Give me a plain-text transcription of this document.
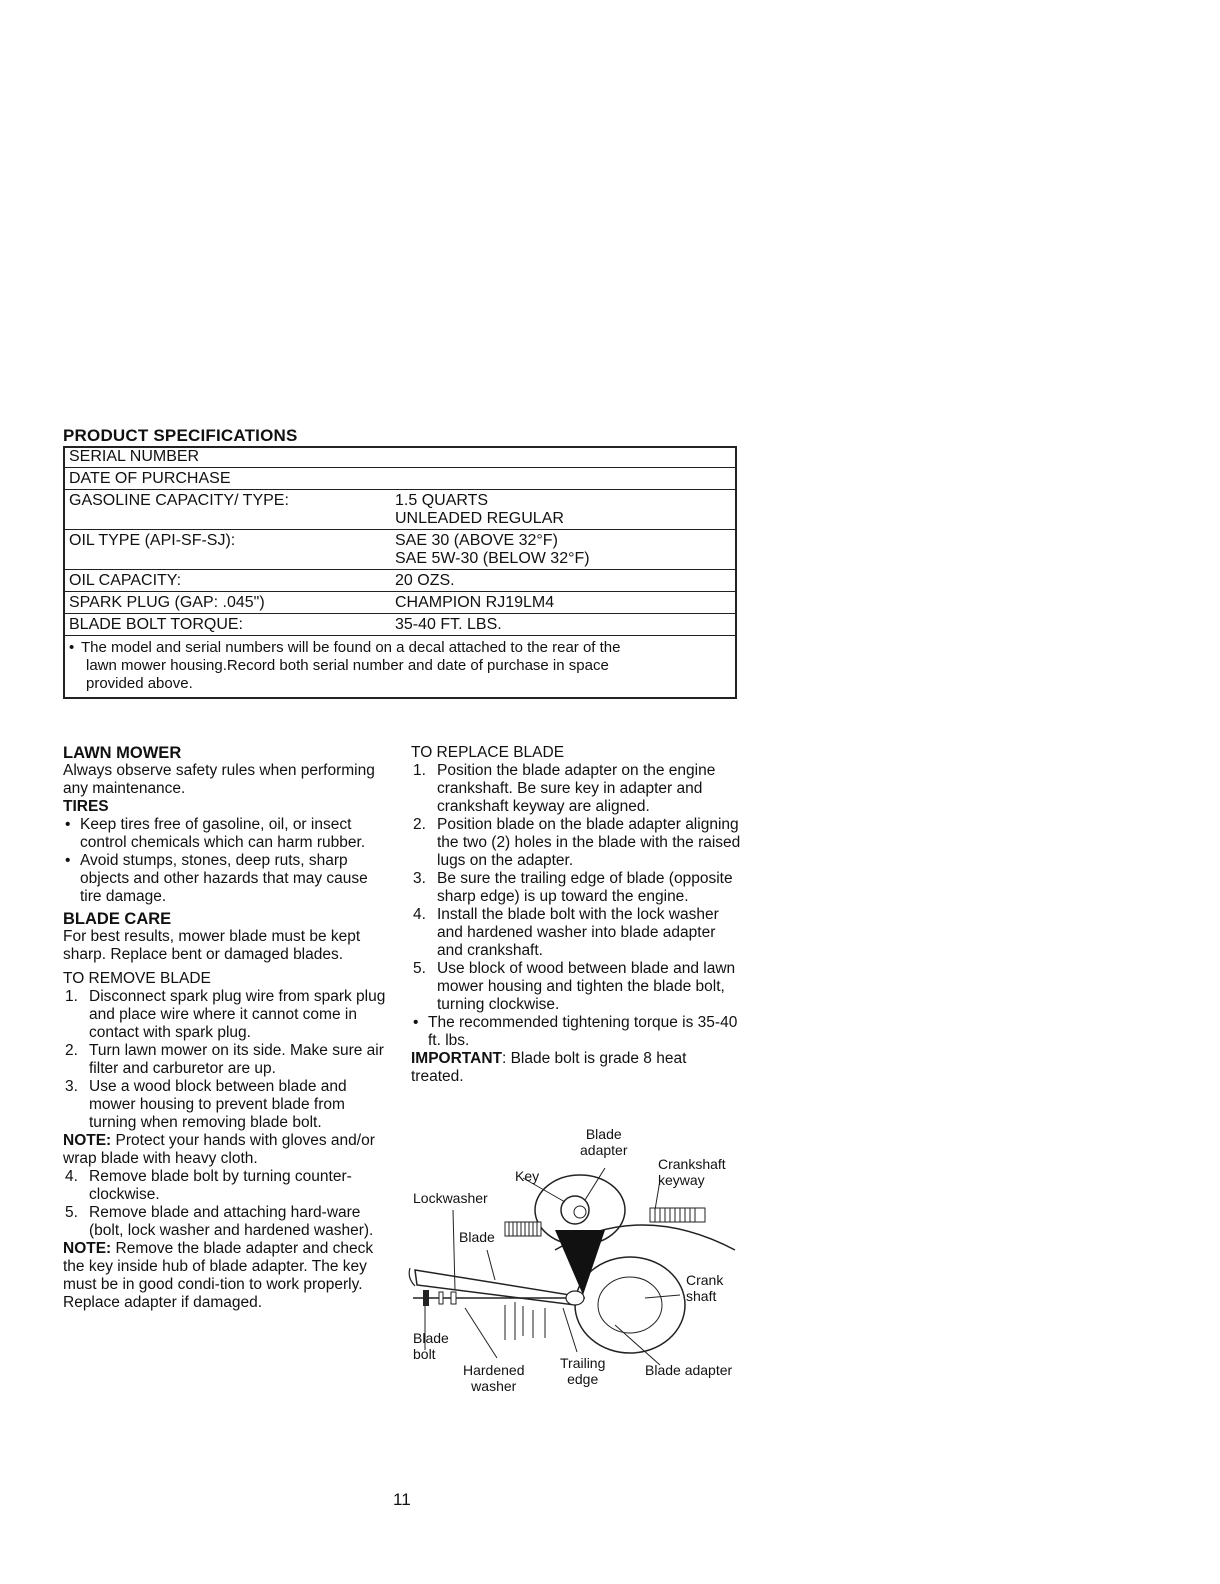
PRODUCT SPECIFICATIONS
SERIAL NUMBER	
DATE OF PURCHASE	
GASOLINE CAPACITY/ TYPE:	1.5 QUARTS
UNLEADED REGULAR

OIL TYPE (API-SF-SJ):	SAE 30 (ABOVE 32°F)
SAE 5W-30 (BELOW 32°F)

OIL CAPACITY:	20 OZS.
SPARK PLUG (GAP: .045")	CHAMPION RJ19LM4
BLADE BOLT TORQUE:	35-40 FT. LBS.
• The model and serial numbers will be found on a decal attached to the rear of the
lawn mower housing.Record both serial number and date of purchase in space
provided above.
LAWN MOWER
Always observe safety rules when performing any maintenance.
TIRES
• Keep tires free of gasoline, oil, or insect control chemicals which can harm rubber.
• Avoid stumps, stones, deep ruts, sharp objects and other hazards that may cause tire damage.
BLADE CARE
For best results, mower blade must be kept sharp. Replace bent or damaged blades.
TO REMOVE BLADE
1. Disconnect spark plug wire from spark plug and place wire where it cannot come in contact with spark plug.
2. Turn lawn mower on its side. Make sure air filter and carburetor are up.
3. Use a wood block between blade and mower housing to prevent blade from turning when removing blade bolt.
NOTE: Protect your hands with gloves and/or wrap blade with heavy cloth.
4. Remove blade bolt by turning counter-clockwise.
5. Remove blade and attaching hard-ware (bolt, lock washer and hardened washer).
NOTE: Remove the blade adapter and check the key inside hub of blade adapter. The key must be in good condi-tion to work properly. Replace adapter if damaged.
TO REPLACE BLADE
1. Position the blade adapter on the engine crankshaft. Be sure key in adapter and crankshaft keyway are aligned.
2. Position blade on the blade adapter aligning the two (2) holes in the blade with the raised lugs on the adapter.
3. Be sure the trailing edge of blade (opposite sharp edge) is up toward the engine.
4. Install the blade bolt with the lock washer and hardened washer into blade adapter and crankshaft.
5. Use block of wood between blade and lawn mower housing and tighten the blade bolt, turning clockwise.
• The recommended tightening torque is 35-40 ft. lbs.
IMPORTANT: Blade bolt is grade 8 heat treated.
Blade
adapter
Crankshaft
keyway
Key
Lockwasher
Blade
Crank
shaft
Blade
bolt
Hardened
washer
Trailing
edge
Blade adapter
11
